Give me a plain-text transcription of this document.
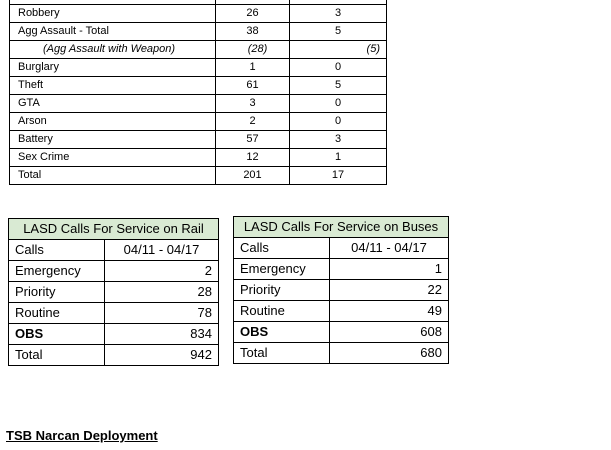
Robbery	26	3
Agg Assault - Total	38	5
(Agg Assault with Weapon)	(28)	(5)
Burglary	1	0
Theft	61	5
GTA	3	0
Arson	2	0
Battery	57	3
Sex Crime	12	1
Total	201	17
LASD Calls For Service on Rail	
Calls	04/11 - 04/17
Emergency	2
Priority	28
Routine	78
OBS	834
Total	942
LASD Calls For Service on Buses	
Calls	04/11 - 04/17
Emergency	1
Priority	22
Routine	49
OBS	608
Total	680
TSB Narcan Deployment
